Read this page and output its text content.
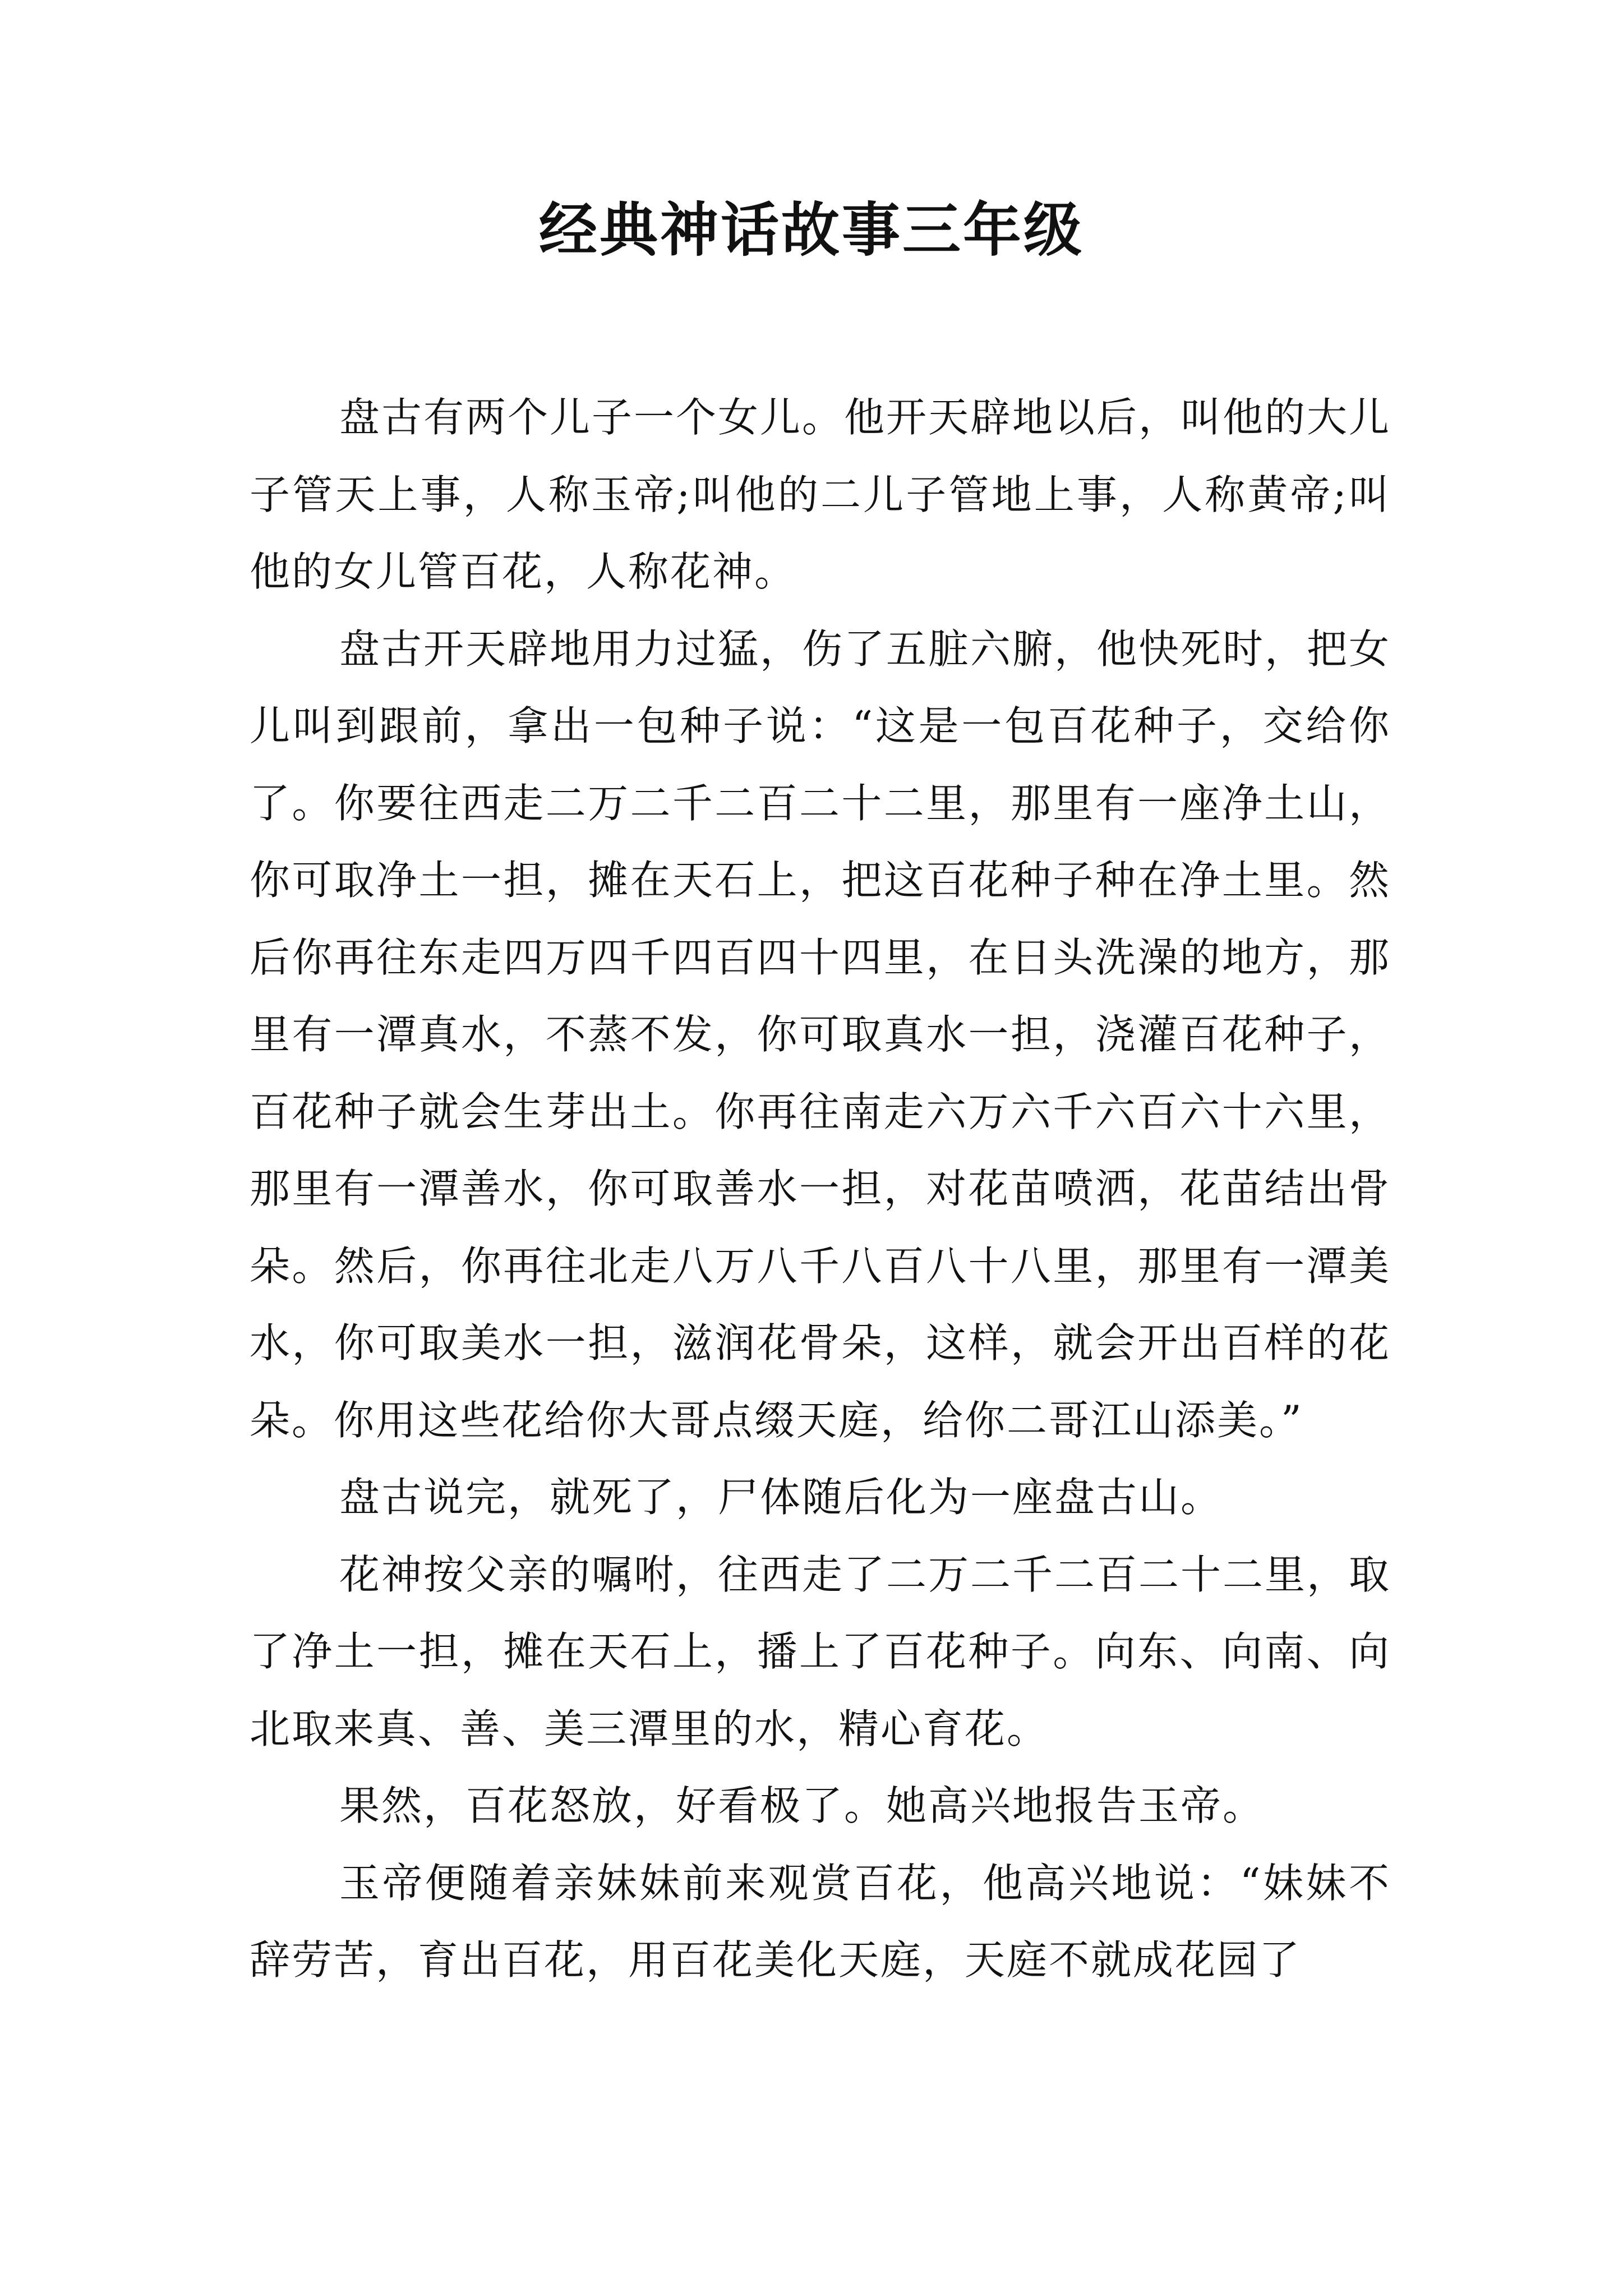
经典神话故事三年级

盘古有两个儿子一个女儿。他开天辟地以后，叫他的大儿子管天上事，人称玉帝;叫他的二儿子管地上事，人称黄帝;叫他的女儿管百花，人称花神。

盘古开天辟地用力过猛，伤了五脏六腑，他快死时，把女儿叫到跟前，拿出一包种子说：“这是一包百花种子，交给你了。你要往西走二万二千二百二十二里，那里有一座净土山，你可取净土一担，摊在天石上，把这百花种子种在净土里。然后你再往东走四万四千四百四十四里，在日头洗澡的地方，那里有一潭真水，不蒸不发，你可取真水一担，浇灌百花种子，百花种子就会生芽出土。你再往南走六万六千六百六十六里，那里有一潭善水，你可取善水一担，对花苗喷洒，花苗结出骨朵。然后，你再往北走八万八千八百八十八里，那里有一潭美水，你可取美水一担，滋润花骨朵，这样，就会开出百样的花朵。你用这些花给你大哥点缀天庭，给你二哥江山添美。”

盘古说完，就死了，尸体随后化为一座盘古山。

花神按父亲的嘱咐，往西走了二万二千二百二十二里，取了净土一担，摊在天石上，播上了百花种子。向东、向南、向北取来真、善、美三潭里的水，精心育花。

果然，百花怒放，好看极了。她高兴地报告玉帝。

玉帝便随着亲妹妹前来观赏百花，他高兴地说：“妹妹不辞劳苦，育出百花，用百花美化天庭，天庭不就成花园了
